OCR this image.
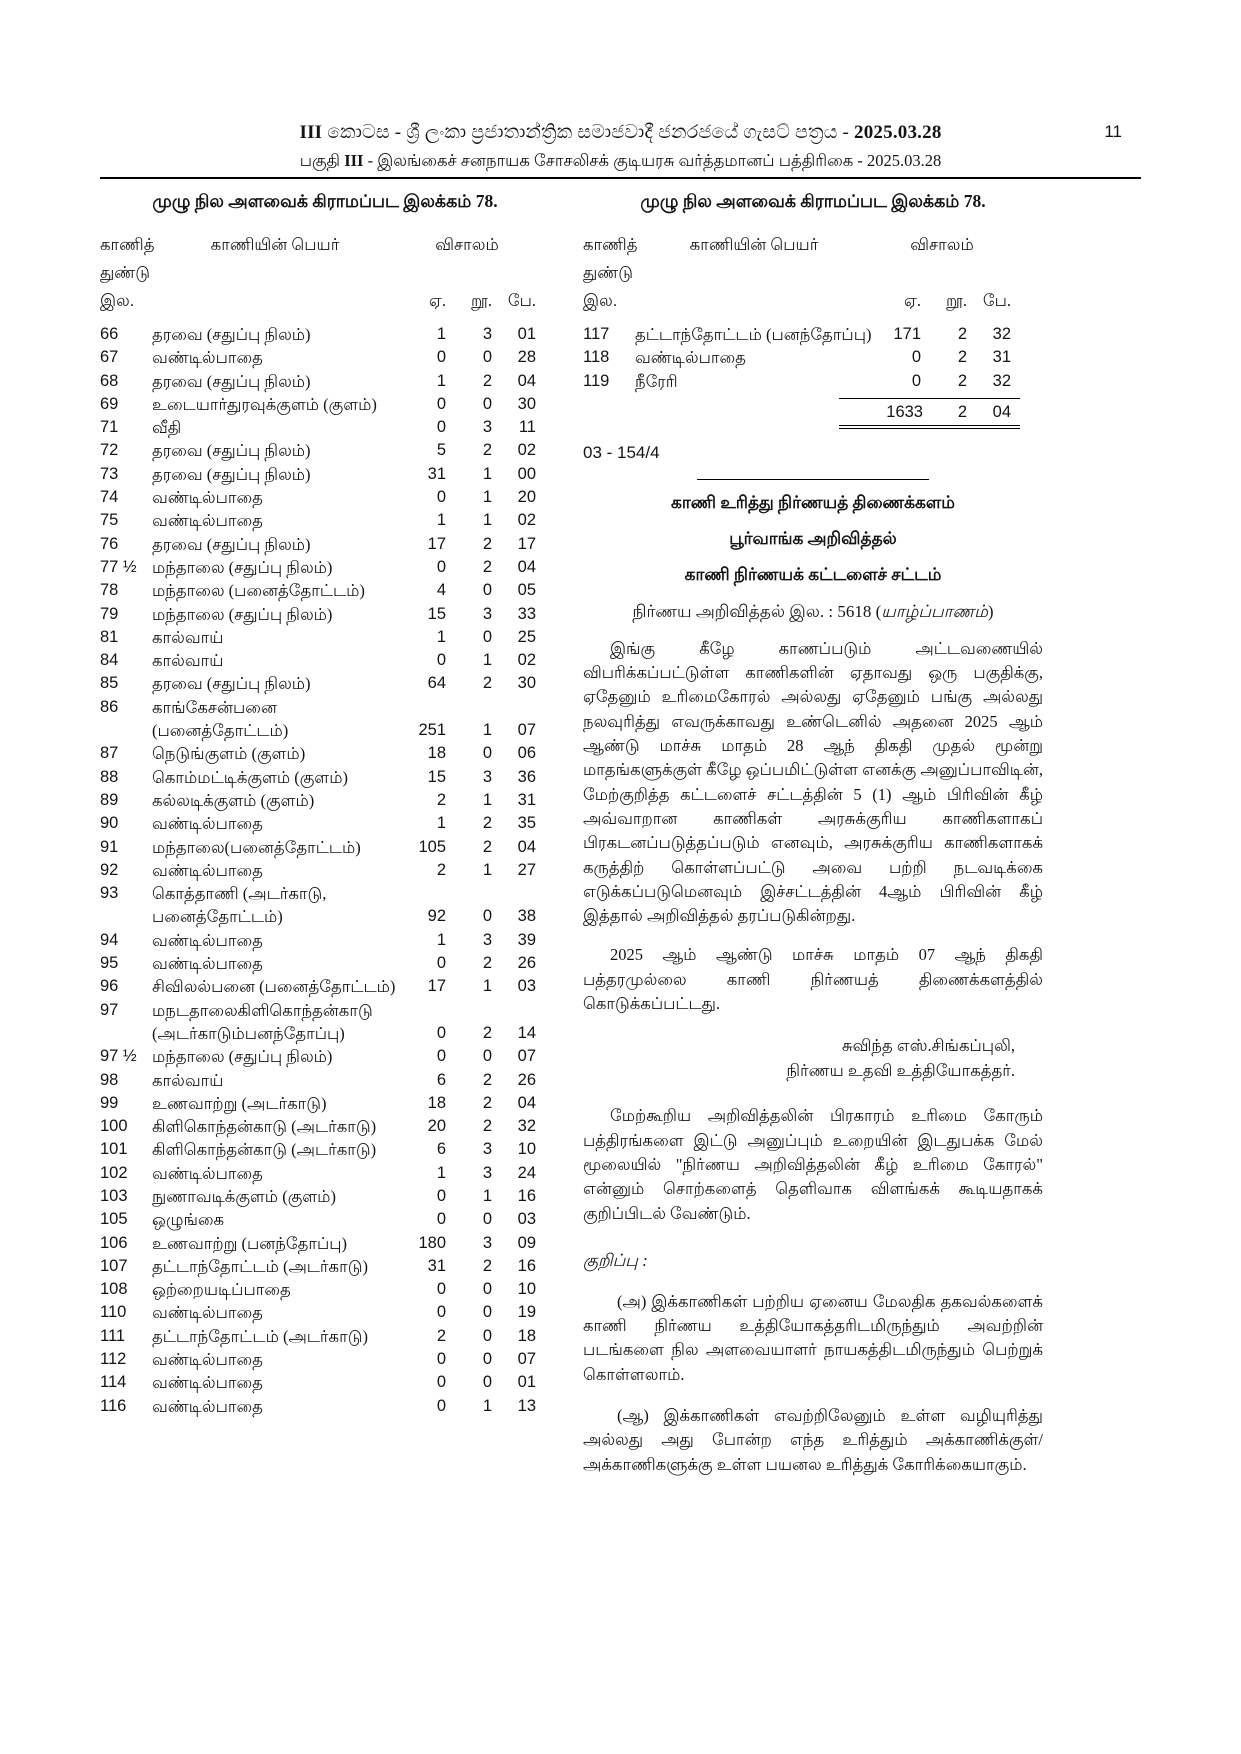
III කොටස - ශ්‍රී ලංකා ප්‍රජාතාන්ත්‍රික සමාජවාදී ජනරජයේ ගැසට් පත්‍රය - 2025.03.28
பகுதி III - இலங்கைச் சனநாயக சோசலிசக் குடியரசு வர்த்தமானப் பத்திரிகை - 2025.03.28
11
முழு நில அளவைக் கிராமப்பட இலக்கம் 78.	முழு நில அளவைக் கிராமப்பட இலக்கம் 78.
காணித்	காணியின் பெயர்	விசாலம்
துண்டு
இல.	ஏ.	றூ. பே.
காணித்	காணியின் பெயர்	விசாலம்
துண்டு
இல.	ஏ.	றூ. பே.
66	தரவை (சதுப்பு நிலம்)	1	3	01
67	வண்டில்பாதை	0	0	28
68	தரவை (சதுப்பு நிலம்)	1	2	04
69	உடையார்துரவுக்குளம் (குளம்)	0	0	30
71	வீதி	0	3	11
72	தரவை (சதுப்பு நிலம்)	5	2	02
73	தரவை (சதுப்பு நிலம்)	31	1	00
74	வண்டில்பாதை	0	1	20
75	வண்டில்பாதை	1	1	02
76	தரவை (சதுப்பு நிலம்)	17	2	17
77 ½ மந்தாலை (சதுப்பு நிலம்)	0	2	04
78	மந்தாலை (பனைத்தோட்டம்)	4	0	05
79	மந்தாலை (சதுப்பு நிலம்)	15	3	33
81	கால்வாய்	1	0	25
84	கால்வாய்	0	1	02
85	தரவை (சதுப்பு நிலம்)	64	2	30
86	காங்கேசன்பனை
(பனைத்தோட்டம்)	251	1	07
87	நெடுங்குளம் (குளம்)	18	0	06
88	கொம்மட்டிக்குளம் (குளம்)	15	3	36
89	கல்லடிக்குளம் (குளம்)	2	1	31
90	வண்டில்பாதை	1	2	35
91	மந்தாலை(பனைத்தோட்டம்)	105	2	04
92	வண்டில்பாதை	2	1	27
93	கொத்தாணி (அடர்காடு,
பனைத்தோட்டம்)	92	0	38
94	வண்டில்பாதை	1	3	39
95	வண்டில்பாதை	0	2	26
96	சிவிலல்பனை (பனைத்தோட்டம்)	17	1	03
97	மநடதாலைகிளிகொந்தன்காடு
(அடர்காடும்பனந்தோப்பு)	0	2	14
97 ½ மந்தாலை (சதுப்பு நிலம்)	0	0	07
98	கால்வாய்	6	2	26
99	உணவாற்று (அடர்காடு)	18	2	04
100	கிளிகொந்தன்காடு (அடர்காடு)	20	2	32
101	கிளிகொந்தன்காடு (அடர்காடு)	6	3	10
102	வண்டில்பாதை	1	3	24
103	நுணாவடிக்குளம் (குளம்)	0	1	16
105	ஒழுங்கை	0	0	03
106	உணவாற்று (பனந்தோப்பு)	180	3	09
107	தட்டாந்தோட்டம் (அடர்காடு)	31	2	16
108	ஒற்றையடிப்பாதை	0	0	10
110	வண்டில்பாதை	0	0	19
111	தட்டாந்தோட்டம் (அடர்காடு)	2	0	18
112	வண்டில்பாதை	0	0	07
114	வண்டில்பாதை	0	0	01
116	வண்டில்பாதை	0	1	13
117	தட்டாந்தோட்டம் (பனந்தோப்பு)	171	2	32
118	வண்டில்பாதை	0	2	31
119	நீரேரி	0	2	32
1633	2	04
03 - 154/4
காணி உரித்து நிர்ணயத் திணைக்களம்
பூர்வாங்க அறிவித்தல்
காணி நிர்ணயக் கட்டளைச் சட்டம்
நிர்ணய அறிவித்தல் இல. : 5618 (யாழ்ப்பாணம்)
இங்கு கீழே காணப்படும் அட்டவணையில் விபரிக்கப்பட்டுள்ள காணிகளின் ஏதாவது ஒரு பகுதிக்கு, ஏதேனும் உரிமைகோரல் அல்லது ஏதேனும் பங்கு அல்லது நலவுரித்து எவருக்காவது உண்டெனில் அதனை 2025 ஆம் ஆண்டு மாச்சு மாதம் 28 ஆந் திகதி முதல் மூன்று மாதங்களுக்குள் கீழே ஒப்பமிட்டுள்ள எனக்கு அனுப்பாவிடின், மேற்குறித்த கட்டளைச் சட்டத்தின் 5 (1) ஆம் பிரிவின் கீழ் அவ்வாறான காணிகள் அரசுக்குரிய காணிகளாகப் பிரகடனப்படுத்தப்படும் எனவும், அரசுக்குரிய காணிகளாகக் கருத்திற் கொள்ளப்பட்டு அவை பற்றி நடவடிக்கை எடுக்கப்படுமெனவும் இச்சட்டத்தின் 4ஆம் பிரிவின் கீழ் இத்தால் அறிவித்தல் தரப்படுகின்றது.
2025 ஆம் ஆண்டு மாச்சு மாதம் 07 ஆந் திகதி பத்தரமுல்லை காணி நிர்ணயத் திணைக்களத்தில் கொடுக்கப்பட்டது.
சுவிந்த எஸ்.சிங்கப்புலி,
நிர்ணய உதவி உத்தியோகத்தர்.
மேற்கூறிய அறிவித்தலின் பிரகாரம் உரிமை கோரும் பத்திரங்களை இட்டு அனுப்பும் உறையின் இடதுபக்க மேல் மூலையில் "நிர்ணய அறிவித்தலின் கீழ் உரிமை கோரல்" என்னும் சொற்களைத் தெளிவாக விளங்கக் கூடியதாகக் குறிப்பிடல் வேண்டும்.
குறிப்பு :
(அ) இக்காணிகள் பற்றிய ஏனைய மேலதிக தகவல்களைக் காணி நிர்ணய உத்தியோகத்தரிடமிருந்தும் அவற்றின் படங்களை நில அளவையாளர் நாயகத்திடமிருந்தும் பெற்றுக் கொள்ளலாம்.
(ஆ) இக்காணிகள் எவற்றிலேனும் உள்ள வழியுரித்து அல்லது அது போன்ற எந்த உரித்தும் அக்காணிக்குள்/ அக்காணிகளுக்கு உள்ள பயனல உரித்துக் கோரிக்கையாகும்.
